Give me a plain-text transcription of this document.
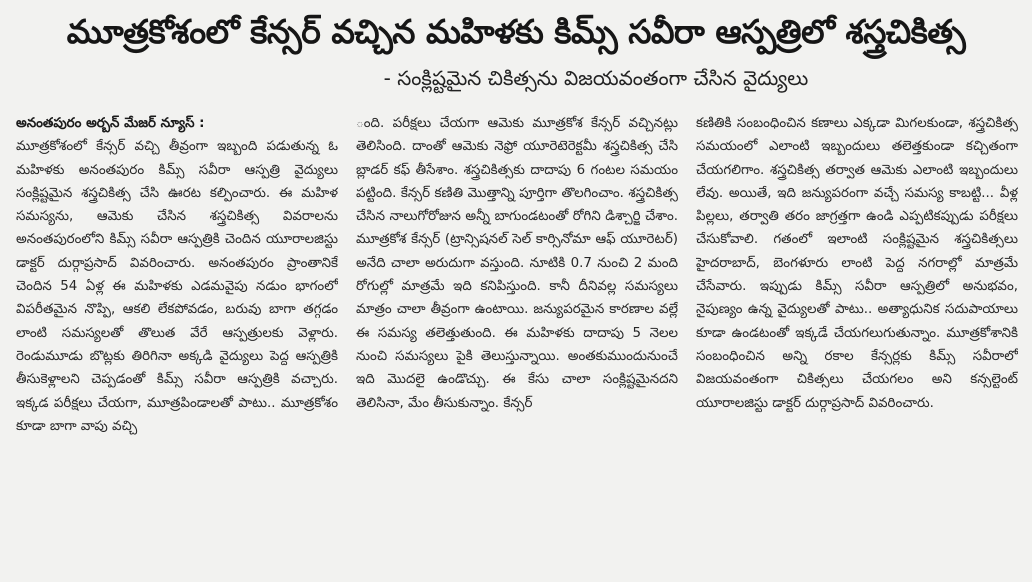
మూత్రకోశంలో కేన్సర్ వచ్చిన మహిళకు కిమ్స్ సవీరా ఆస్పత్రిలో శస్త్రచికిత్స
- సంక్లిష్టమైన చికిత్సను విజయవంతంగా చేసిన వైద్యులు
అనంతపురం అర్బన్ మేజర్ న్యూస్ :

మూత్రకోశంలో కేన్సర్ వచ్చి తీవ్రంగా ఇబ్బంది పడుతున్న ఓ మహిళకు అనంతపురం కిమ్స్ సవీరా ఆస్పత్రి వైద్యులు సంక్లిష్టమైన శస్త్రచికిత్స చేసి ఊరట కల్పించారు. ఈ మహిళ సమస్యను, ఆమెకు చేసిన శస్త్రచికిత్స వివరాలను అనంతపురంలోని కిమ్స్ సవీరా ఆస్పత్రికి చెందిన యూరాలజిస్టు డాక్టర్ దుర్గాప్రసాద్ వివరించారు. అనంతపురం ప్రాంతానికే చెందిన 54 ఏళ్ల ఈ మహిళకు ఎడమవైపు నడుం భాగంలో విపరీతమైన నొప్పి, ఆకలి లేకపోవడం, బరువు బాగా తగ్గడం లాంటి సమస్యలతో తొలుత వేరే ఆస్పత్రులకు వెళ్లారు. రెండుమూడు బొట్లకు తిరిగినా అక్కడి వైద్యులు పెద్ద ఆస్పత్రికి తీసుకెళ్లాలని చెప్పడంతో కిమ్స్ సవీరా ఆస్పత్రికి వచ్చారు. ఇక్కడ పరీక్షలు చేయగా, మూత్రపిండాలతో పాటు.. మూత్రకోశం కూడా బాగా వాపు వచ్చి

ంది. పరీక్షలు చేయగా ఆమెకు మూత్రకోశ కేన్సర్ వచ్చినట్లు తెలిసింది. దాంతో ఆమెకు నెఫ్రో యూరెటెరెక్టమీ శస్త్రచికిత్స చేసి బ్లాడర్ కఫ్ తీసేశాం. శస్త్రచికిత్సకు దాదాపు 6 గంటల సమయం పట్టింది. కేన్సర్ కణితి మొత్తాన్ని పూర్తిగా తొలగించాం. శస్త్రచికిత్స చేసిన నాలుగోరోజున అన్నీ బాగుండటంతో రోగిని డిశ్చార్జి చేశాం. మూత్రకోశ కేన్సర్ (ట్రాన్సిషనల్ సెల్ కార్సినోమా ఆఫ్ యూరెటర్) అనేది చాలా అరుదుగా వస్తుంది. నూటికి 0.7 నుంచి 2 మంది రోగుల్లో మాత్రమే ఇది కనిపిస్తుంది. కానీ దీనివల్ల సమస్యలు మాత్రం చాలా తీవ్రంగా ఉంటాయి. జన్యుపరమైన కారణాల వల్లే ఈ సమస్య తలెత్తుతుంది. ఈ మహిళకు దాదాపు 5 నెలల నుంచి సమస్యలు పైకి తెలుస్తున్నాయి. అంతకుముందునుంచే ఇది మొదలై ఉండొచ్చు. ఈ కేసు చాలా సంక్లిష్టమైనదని తెలిసినా, మేం తీసుకున్నాం. కేన్సర్

కణితికి సంబంధించిన కణాలు ఎక్కడా మిగలకుండా, శస్త్రచికిత్స సమయంలో ఎలాంటి ఇబ్బందులు తలెత్తకుండా కచ్చితంగా చేయగలిగాం. శస్త్రచికిత్స తర్వాత ఆమెకు ఎలాంటి ఇబ్బందులు లేవు. అయితే, ఇది జన్యుపరంగా వచ్చే సమస్య కాబట్టి... వీళ్ల పిల్లలు, తర్వాతి తరం జాగ్రత్తగా ఉండి ఎప్పటికప్పుడు పరీక్షలు చేసుకోవాలి. గతంలో ఇలాంటి సంక్లిష్టమైన శస్త్రచికిత్సలు హైదరాబాద్, బెంగళూరు లాంటి పెద్ద నగరాల్లో మాత్రమే చేసేవారు. ఇప్పుడు కిమ్స్ సవీరా ఆస్పత్రిలో అనుభవం, నైపుణ్యం ఉన్న వైద్యులతో పాటు.. అత్యాధునిక సదుపాయాలు కూడా ఉండటంతో ఇక్కడే చేయగలుగుతున్నాం. మూత్రకోశానికి సంబంధించిన అన్ని రకాల కేన్సర్లకు కిమ్స్ సవీరాలో విజయవంతంగా చికిత్సలు చేయగలం అని కన్సల్టెంట్ యూరాలజిస్టు డాక్టర్ దుర్గాప్రసాద్ వివరించారు.
